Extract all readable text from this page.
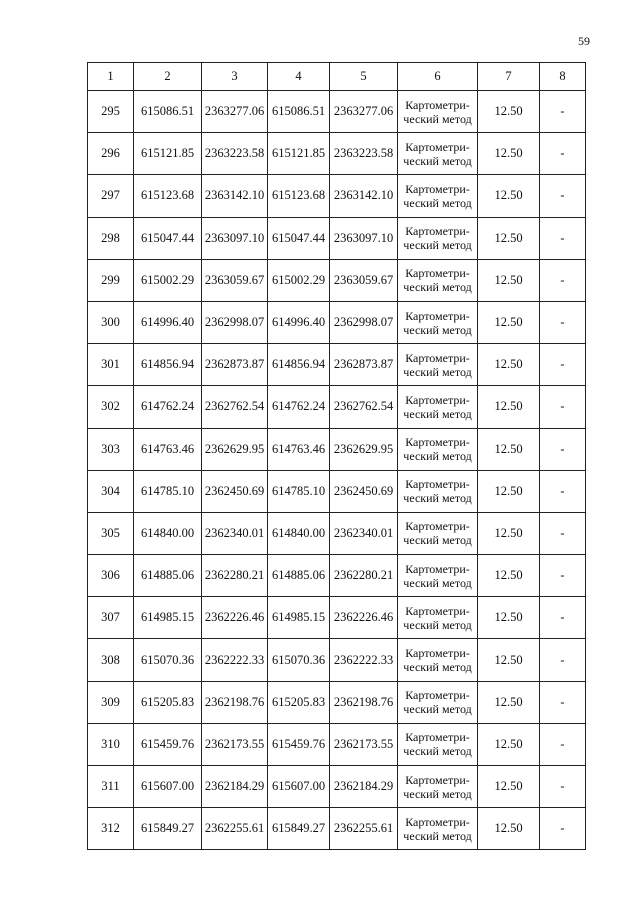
59
1	2	3	4	5	6	7	8
295	615086.51	2363277.06	615086.51	2363277.06	Картометри-ческий метод	12.50	-
296	615121.85	2363223.58	615121.85	2363223.58	Картометри-ческий метод	12.50	-
297	615123.68	2363142.10	615123.68	2363142.10	Картометри-ческий метод	12.50	-
298	615047.44	2363097.10	615047.44	2363097.10	Картометри-ческий метод	12.50	-
299	615002.29	2363059.67	615002.29	2363059.67	Картометри-ческий метод	12.50	-
300	614996.40	2362998.07	614996.40	2362998.07	Картометри-ческий метод	12.50	-
301	614856.94	2362873.87	614856.94	2362873.87	Картометри-ческий метод	12.50	-
302	614762.24	2362762.54	614762.24	2362762.54	Картометри-ческий метод	12.50	-
303	614763.46	2362629.95	614763.46	2362629.95	Картометри-ческий метод	12.50	-
304	614785.10	2362450.69	614785.10	2362450.69	Картометри-ческий метод	12.50	-
305	614840.00	2362340.01	614840.00	2362340.01	Картометри-ческий метод	12.50	-
306	614885.06	2362280.21	614885.06	2362280.21	Картометри-ческий метод	12.50	-
307	614985.15	2362226.46	614985.15	2362226.46	Картометри-ческий метод	12.50	-
308	615070.36	2362222.33	615070.36	2362222.33	Картометри-ческий метод	12.50	-
309	615205.83	2362198.76	615205.83	2362198.76	Картометри-ческий метод	12.50	-
310	615459.76	2362173.55	615459.76	2362173.55	Картометри-ческий метод	12.50	-
311	615607.00	2362184.29	615607.00	2362184.29	Картометри-ческий метод	12.50	-
312	615849.27	2362255.61	615849.27	2362255.61	Картометри-ческий метод	12.50	-
